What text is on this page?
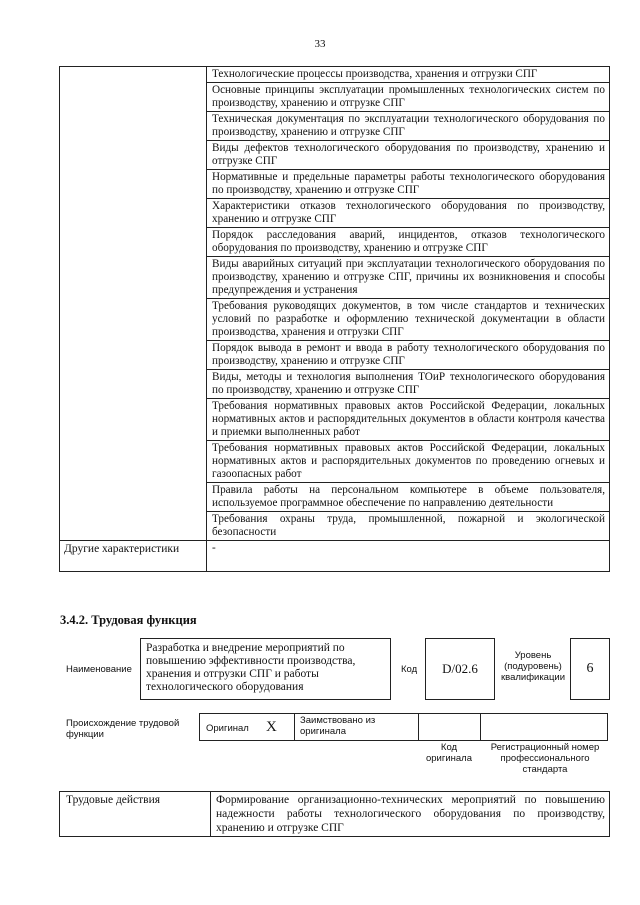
33
	Технологические процессы производства, хранения и отгрузки СПГ
	Основные принципы эксплуатации промышленных технологических систем по производству, хранению и отгрузке СПГ
	Техническая документация по эксплуатации технологического оборудования по производству, хранению и отгрузке СПГ
	Виды дефектов технологического оборудования по производству, хранению и отгрузке СПГ
	Нормативные и предельные параметры работы технологического оборудования по производству, хранению и отгрузке СПГ
	Характеристики отказов технологического оборудования по производству, хранению и отгрузке СПГ
	Порядок расследования аварий, инцидентов, отказов технологического оборудования по производству, хранению и отгрузке СПГ
	Виды аварийных ситуаций при эксплуатации технологического оборудования по производству, хранению и отгрузке СПГ, причины их возникновения и способы предупреждения и устранения
	Требования руководящих документов, в том числе стандартов и технических условий по разработке и оформлению технической документации в области производства, хранения и отгрузки СПГ
	Порядок вывода в ремонт и ввода в работу технологического оборудования по производству, хранению и отгрузке СПГ
	Виды, методы и технология выполнения ТОиР технологического оборудования по производству, хранению и отгрузке СПГ
	Требования нормативных правовых актов Российской Федерации, локальных нормативных актов и распорядительных документов в области контроля качества и приемки выполненных работ
	Требования нормативных правовых актов Российской Федерации, локальных нормативных актов и распорядительных документов по проведению огневых и газоопасных работ
	Правила работы на персональном компьютере в объеме пользователя, используемое программное обеспечение по направлению деятельности
	Требования охраны труда, промышленной, пожарной и экологической безопасности
Другие характеристики	-
3.4.2. Трудовая функция
Наименование
Разработка и внедрение мероприятий по повышению эффективности производства, хранения и отгрузки СПГ и работы технологического оборудования
Код	D/02.6
Уровень (подуровень) квалификации
6
Происхождение трудовой функции
Оригинал X Заимствовано из оригинала
Код оригинала
Регистрационный номер профессионального стандарта
Трудовые действия	Формирование организационно-технических мероприятий по повышению надежности работы технологического оборудования по производству, хранению и отгрузке СПГ
